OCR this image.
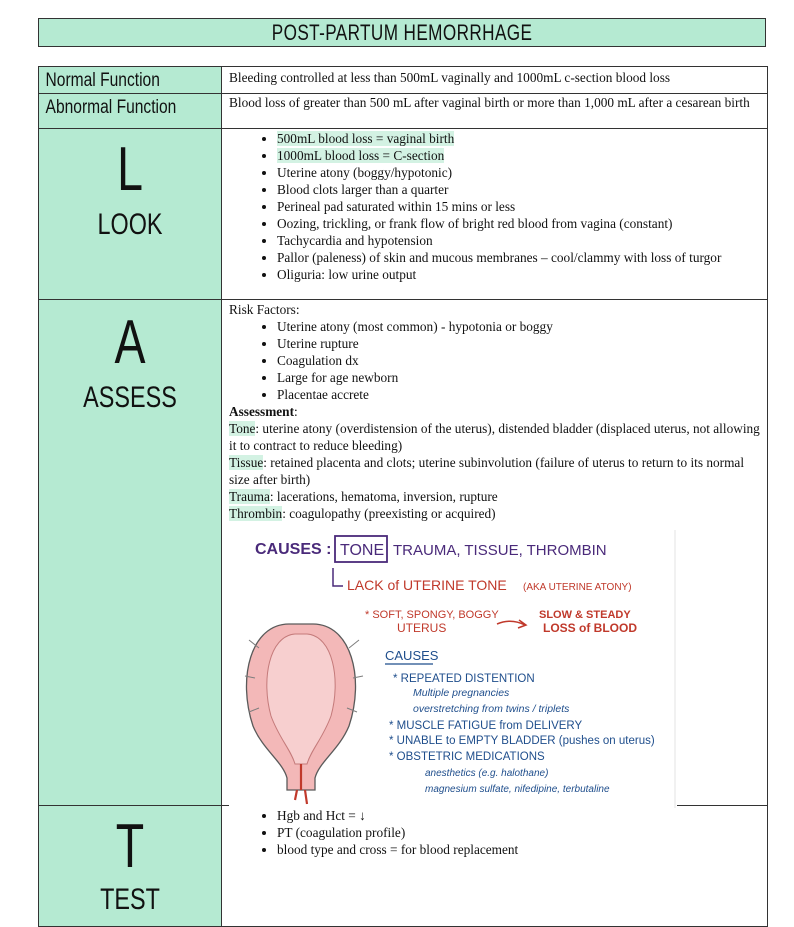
POST-PARTUM HEMORRHAGE
Normal Function	Bleeding controlled at less than 500mL vaginally and 1000mL c-section blood loss
Abnormal Function	Blood loss of greater than 500 mL after vaginal birth or more than 1,000 mL after a cesarean birth
L
LOOK
• 500mL blood loss = vaginal birth
• 1000mL blood loss = C-section
• Uterine atony (boggy/hypotonic)
• Blood clots larger than a quarter
• Perineal pad saturated within 15 mins or less
• Oozing, trickling, or frank flow of bright red blood from vagina (constant)
• Tachycardia and hypotension
• Pallor (paleness) of skin and mucous membranes – cool/clammy with loss of turgor
• Oliguria: low urine output
A
ASSESS
Risk Factors:
• Uterine atony (most common) - hypotonia or boggy
• Uterine rupture
• Coagulation dx
• Large for age newborn
• Placentae accrete
Assessment:
Tone: uterine atony (overdistension of the uterus), distended bladder (displaced uterus, not allowing it to contract to reduce bleeding)
Tissue: retained placenta and clots; uterine subinvolution (failure of uterus to return to its normal size after birth)
Trauma: lacerations, hematoma, inversion, rupture
Thrombin: coagulopathy (preexisting or acquired)
CAUSES : TONE TRAUMA, TISSUE, THROMBIN
LACK of UTERINE TONE (AKA UTERINE ATONY)
* SOFT, SPONGY, BOGGY
UTERUS
SLOW & STEADY
LOSS of BLOOD
CAUSES
* REPEATED DISTENTION
Multiple pregnancies
overstretching from twins / triplets
* MUSCLE FATIGUE from DELIVERY
* UNABLE to EMPTY BLADDER (pushes on uterus)
* OBSTETRIC MEDICATIONS
anesthetics (e.g. halothane)
magnesium sulfate, nifedipine, terbutaline
T
TEST
• Hgb and Hct = ↓
• PT (coagulation profile)
• blood type and cross = for blood replacement
